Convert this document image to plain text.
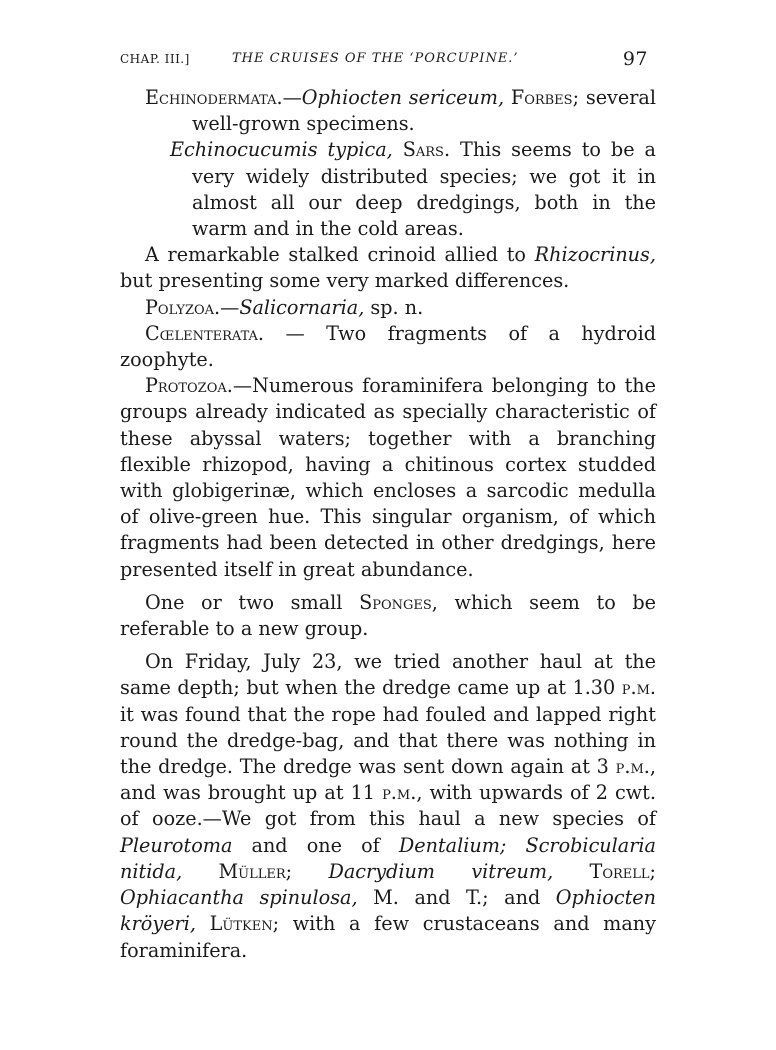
CHAP. III.]	THE CRUISES OF THE ‘PORCUPINE.’	97

Echinodermata.—Ophiocten sericeum, Forbes; several well-grown specimens.

Echinocucumis typica, Sars. This seems to be a very widely distributed species; we got it in almost all our deep dredgings, both in the warm and in the cold areas.

A remarkable stalked crinoid allied to Rhizocrinus, but presenting some very marked differences.

Polyzoa.—Salicornaria, sp. n.

Cœlenterata. — Two fragments of a hydroid zoophyte.

Protozoa.—Numerous foraminifera belonging to the groups already indicated as specially characteristic of these abyssal waters; together with a branching flexible rhizopod, having a chitinous cortex studded with globigerinæ, which encloses a sarcodic medulla of olive-green hue. This singular organism, of which fragments had been detected in other dredgings, here presented itself in great abundance.

One or two small Sponges, which seem to be referable to a new group.

On Friday, July 23, we tried another haul at the same depth; but when the dredge came up at 1.30 p.m. it was found that the rope had fouled and lapped right round the dredge-bag, and that there was nothing in the dredge. The dredge was sent down again at 3 p.m., and was brought up at 11 p.m., with upwards of 2 cwt. of ooze.—We got from this haul a new species of Pleurotoma and one of Dentalium; Scrobicularia nitida, Müller; Dacrydium vitreum, Torell; Ophiacantha spinulosa, M. and T.; and Ophiocten kröyeri, Lütken; with a few crustaceans and many foraminifera.
